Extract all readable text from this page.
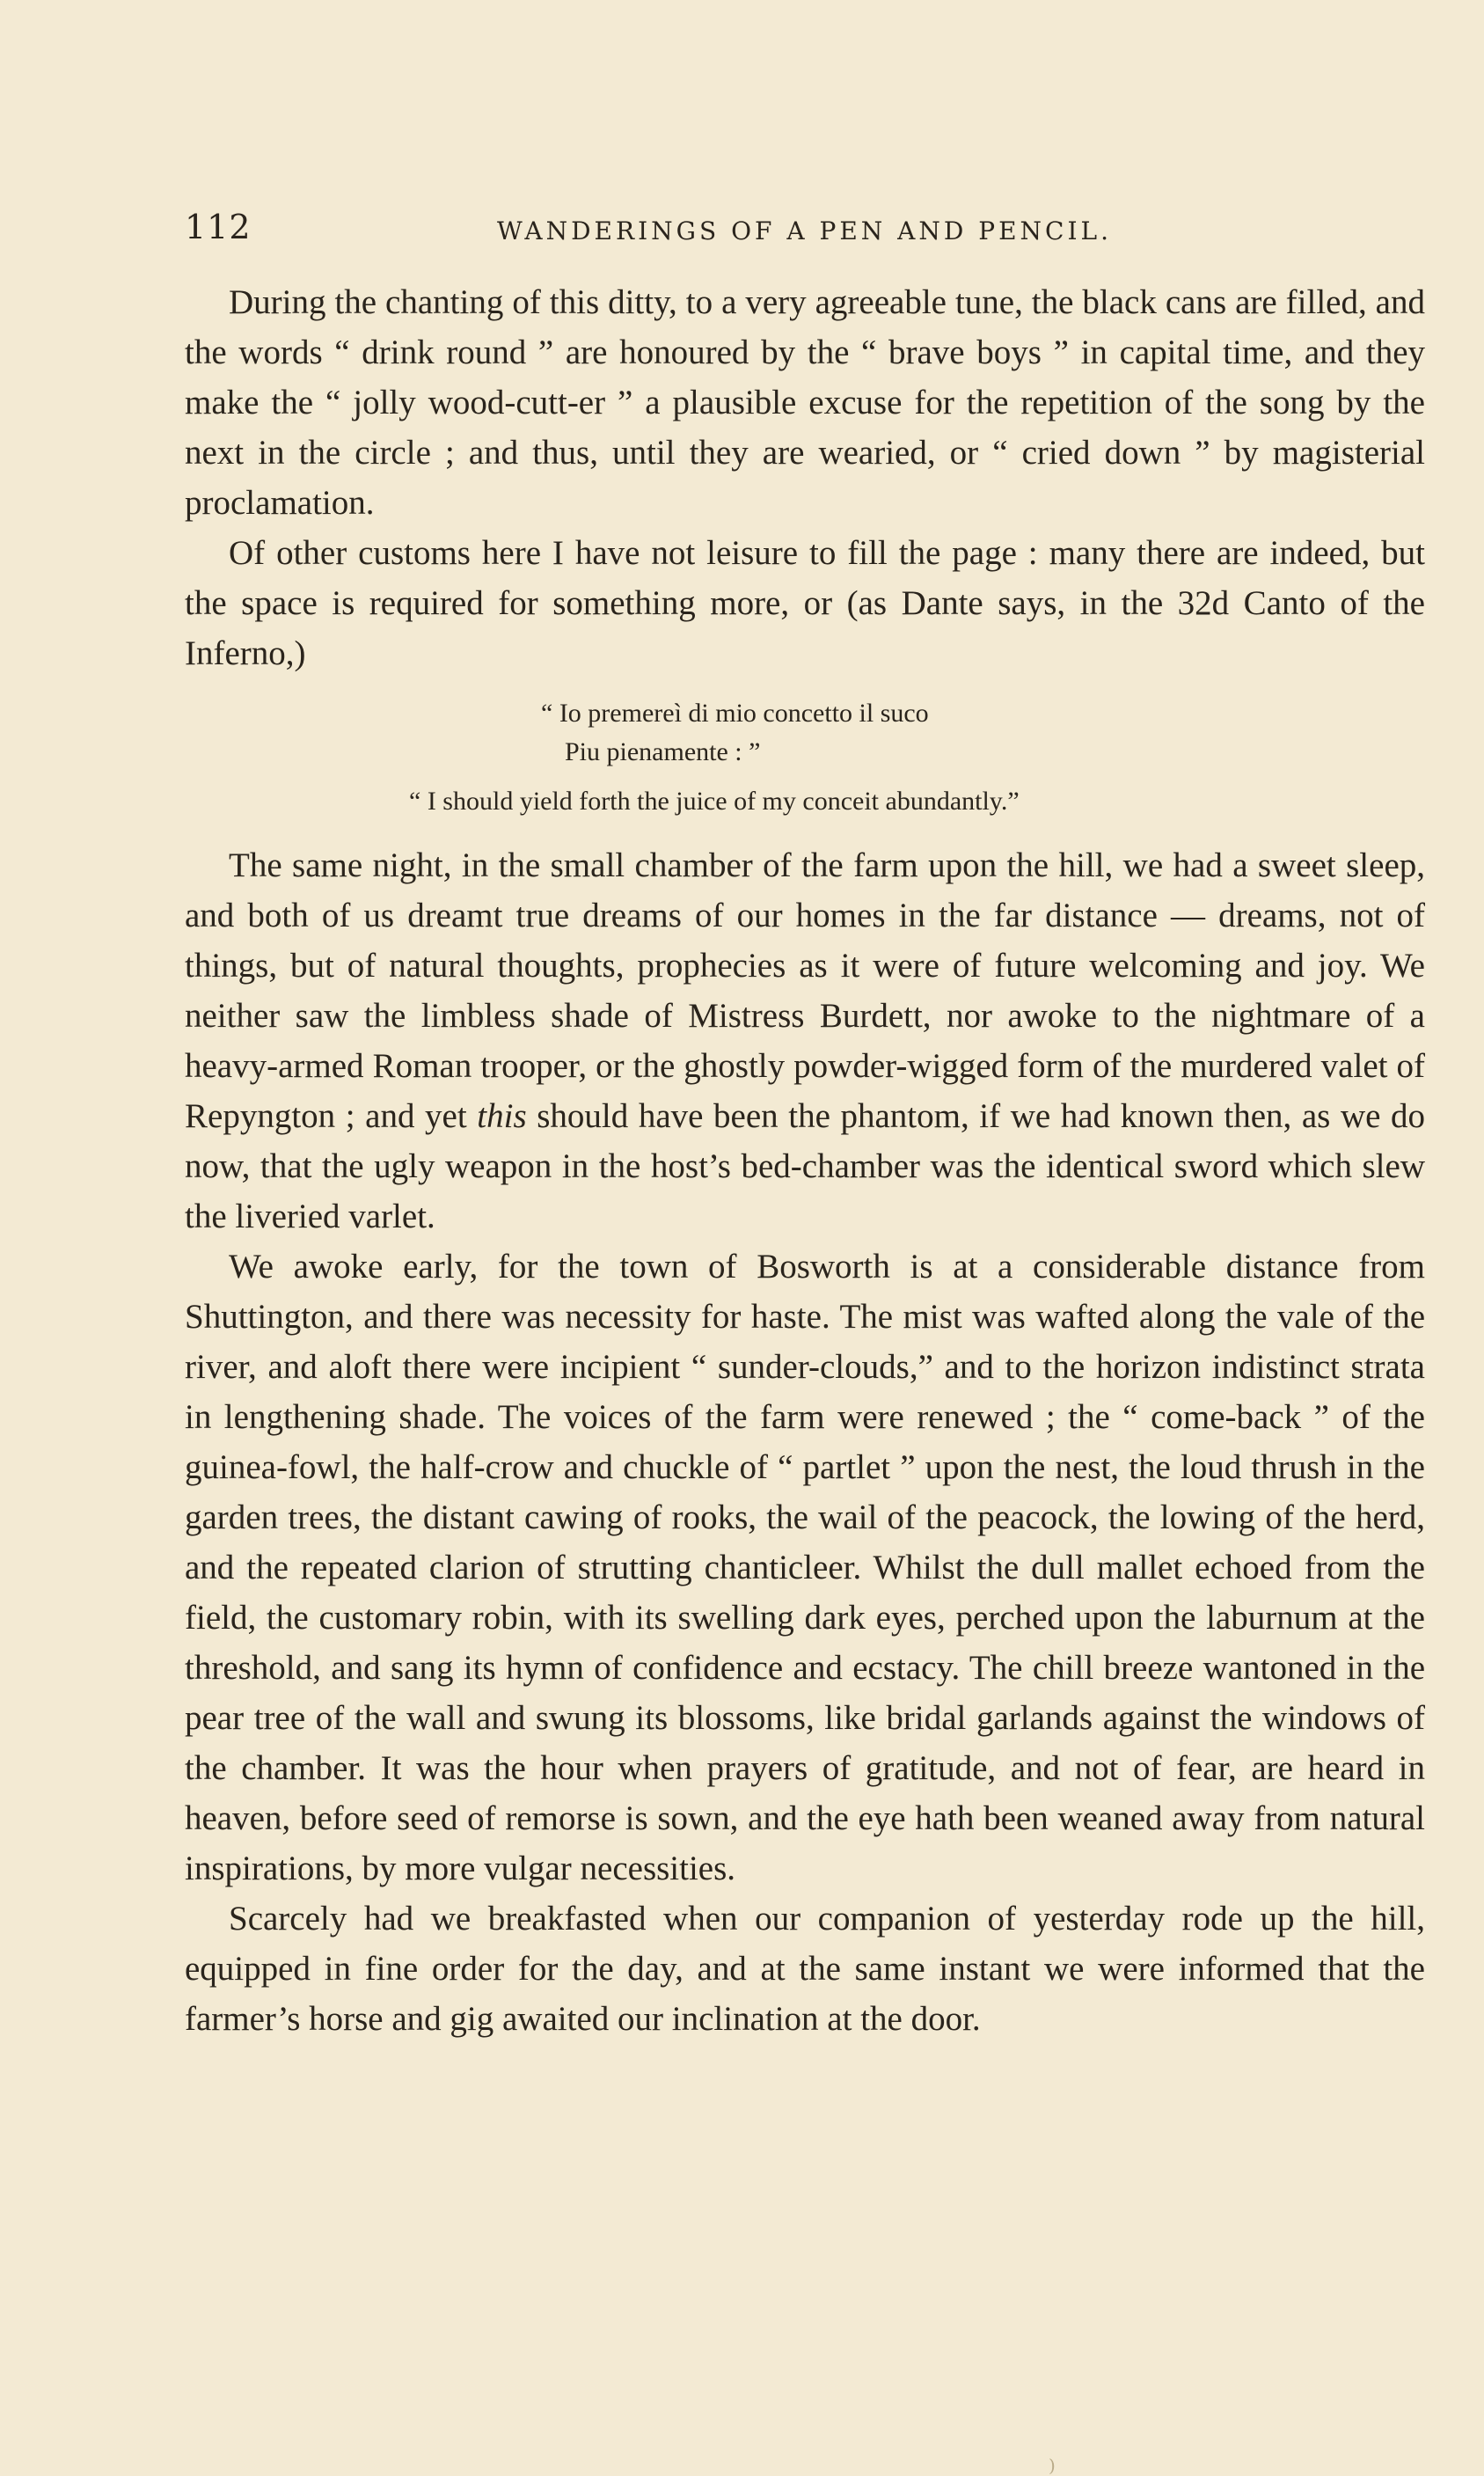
112	WANDERINGS OF A PEN AND PENCIL.

During the chanting of this ditty, to a very agreeable tune, the black cans are filled, and the words “ drink round ” are honoured by the “ brave boys ” in capital time, and they make the “ jolly wood-cutt-er ” a plausible excuse for the repetition of the song by the next in the circle ; and thus, until they are wearied, or “ cried down ” by magisterial proclamation.

Of other customs here I have not leisure to fill the page : many there are indeed, but the space is required for something more, or (as Dante says, in the 32d Canto of the Inferno,)

“ Io premereì di mio concetto il suco
Piu pienamente : ”
“ I should yield forth the juice of my conceit abundantly.”

The same night, in the small chamber of the farm upon the hill, we had a sweet sleep, and both of us dreamt true dreams of our homes in the far distance — dreams, not of things, but of natural thoughts, prophecies as it were of future welcoming and joy. We neither saw the limbless shade of Mistress Burdett, nor awoke to the nightmare of a heavy-armed Roman trooper, or the ghostly powder-wigged form of the murdered valet of Repyngton ; and yet this should have been the phantom, if we had known then, as we do now, that the ugly weapon in the host’s bed-chamber was the identical sword which slew the liveried varlet.

We awoke early, for the town of Bosworth is at a considerable distance from Shuttington, and there was necessity for haste. The mist was wafted along the vale of the river, and aloft there were incipient “ sunder-clouds,” and to the horizon indistinct strata in lengthening shade. The voices of the farm were renewed ; the “ come-back ” of the guinea-fowl, the half-crow and chuckle of “ partlet ” upon the nest, the loud thrush in the garden trees, the distant cawing of rooks, the wail of the peacock, the lowing of the herd, and the repeated clarion of strutting chanticleer. Whilst the dull mallet echoed from the field, the customary robin, with its swelling dark eyes, perched upon the laburnum at the threshold, and sang its hymn of confidence and ecstacy. The chill breeze wantoned in the pear tree of the wall and swung its blossoms, like bridal garlands against the windows of the chamber. It was the hour when prayers of gratitude, and not of fear, are heard in heaven, before seed of remorse is sown, and the eye hath been weaned away from natural inspirations, by more vulgar necessities.

Scarcely had we breakfasted when our companion of yesterday rode up the hill, equipped in fine order for the day, and at the same instant we were informed that the farmer’s horse and gig awaited our inclination at the door.

)
